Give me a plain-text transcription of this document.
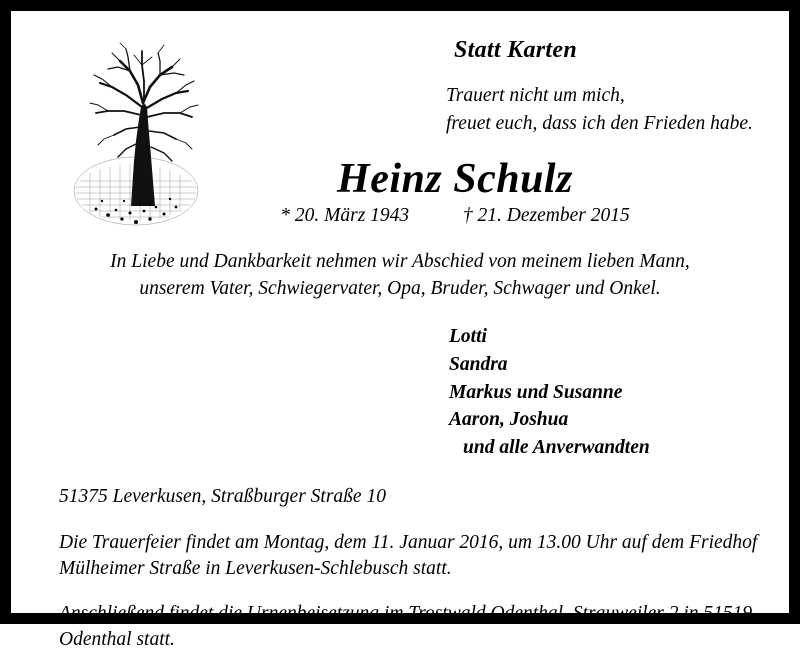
Statt Karten
Trauert nicht um mich,
freuet euch, dass ich den Frieden habe.
Heinz Schulz
* 20. März 1943	† 21. Dezember 2015
In Liebe und Dankbarkeit nehmen wir Abschied von meinem lieben Mann,
unserem Vater, Schwiegervater, Opa, Bruder, Schwager und Onkel.
Lotti
Sandra
Markus und Susanne
Aaron, Joshua
und alle Anverwandten
51375 Leverkusen, Straßburger Straße 10
Die Trauerfeier findet am Montag, dem 11. Januar 2016, um 13.00 Uhr auf dem Friedhof
Mülheimer Straße in Leverkusen-Schlebusch statt.
Anschließend findet die Urnenbeisetzung im Trostwald Odenthal, Strauweiler 2 in 51519
Odenthal statt.
